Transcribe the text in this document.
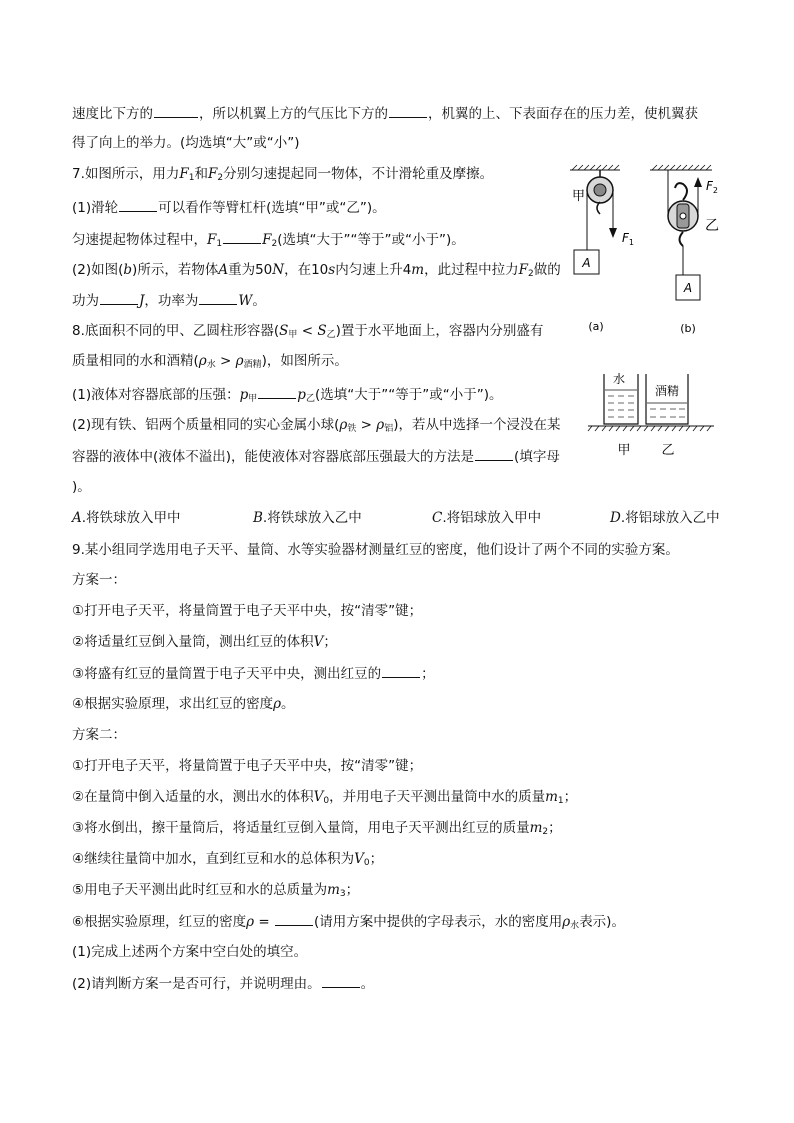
速度比下方的	，所以机翼上方的气压比下方的	，机翼的上、下表面存在的压力差，使机翼获
得了向上的举力。(均选填“大”或“小”)
7.如图所示，用力$F_1$和$F_2$分别匀速提起同一物体，不计滑轮重及摩擦。
(1)滑轮	可以看作等臂杠杆(选填“甲”或“乙”)。
匀速提起物体过程中，$F_1$	$F_2$(选填“大于”“等于”或“小于”)。
(2)如图(b)所示，若物体A重为50N，在10s内匀速上升4m，此过程中拉力$F_2$做的
功为	J，功率为	W。
A
$F_1$
甲
(a)
$F_2$
A
乙
(b)
8.底面积不同的甲、乙圆柱形容器$(S_甲 < S_乙)$置于水平地面上，容器内分别盛有
质量相同的水和酒精$(\rho_水 > \rho_{酒精})$，如图所示。
(1)液体对容器底部的压强：$p_甲$	$p_乙$(选填“大于”“等于”或“小于”)。
(2)现有铁、铝两个质量相同的实心金属小球$(\rho_铁 > \rho_铝)$，若从中选择一个浸没在某
容器的液体中(液体不溢出)，能使液体对容器底部压强最大的方法是	(填字母
)。
A.将铁球放入甲中	B.将铁球放入乙中	C.将铝球放入甲中	D.将铝球放入乙中
水
酒精
甲 乙
9.某小组同学选用电子天平、量筒、水等实验器材测量红豆的密度，他们设计了两个不同的实验方案。
方案一：
①打开电子天平，将量筒置于电子天平中央，按“清零”键；
②将适量红豆倒入量筒，测出红豆的体积V；
③将盛有红豆的量筒置于电子天平中央，测出红豆的	；
④根据实验原理，求出红豆的密度ρ。
方案二：
①打开电子天平，将量筒置于电子天平中央，按“清零”键；
②在量筒中倒入适量的水，测出水的体积$V_0$，并用电子天平测出量筒中水的质量$m_1$；
③将水倒出，擦干量筒后，将适量红豆倒入量筒，用电子天平测出红豆的质量$m_2$；
④继续往量筒中加水，直到红豆和水的总体积为$V_0$；
⑤用电子天平测出此时红豆和水的总质量为$m_3$；
⑥根据实验原理，红豆的密度ρ =	(请用方案中提供的字母表示，水的密度用$\rho_水$表示)。
(1)完成上述两个方案中空白处的填空。
(2)请判断方案一是否可行，并说明理由。	。
